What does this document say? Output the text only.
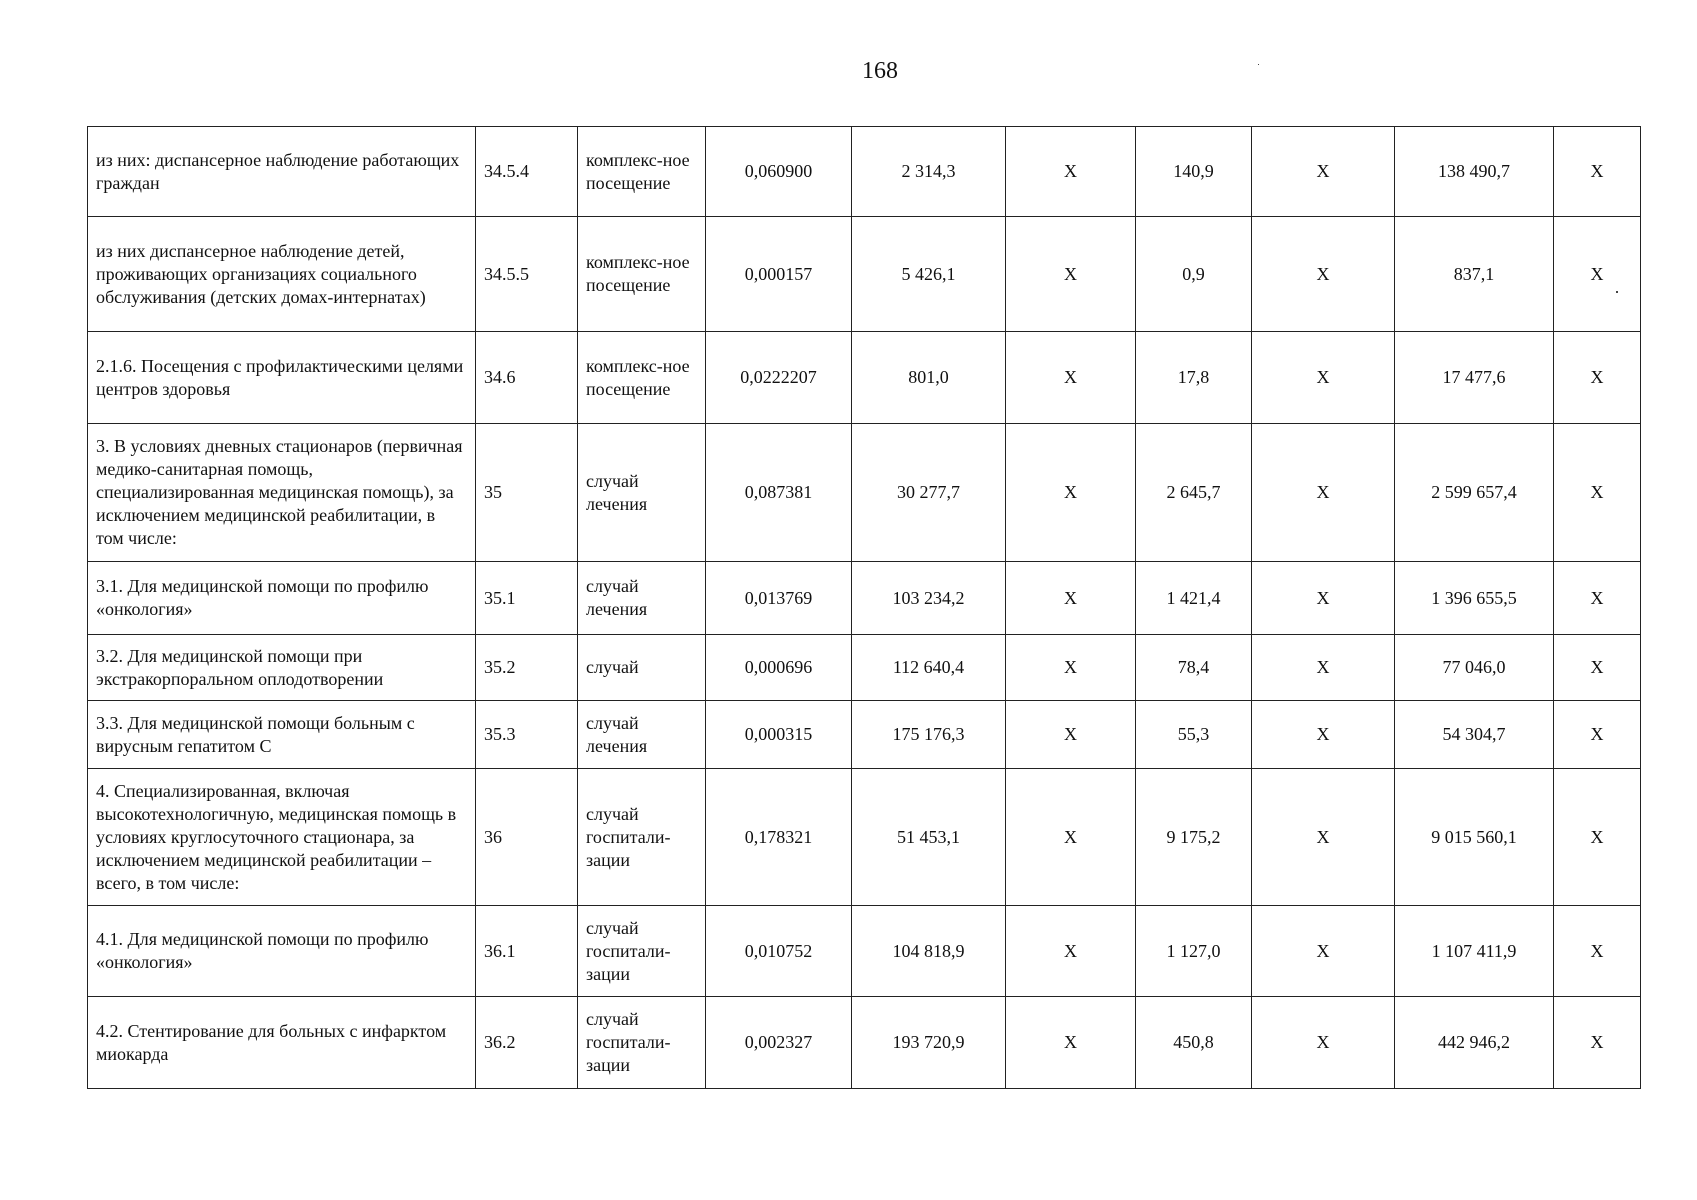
168
из них: диспансерное наблюдение работающих граждан	34.5.4	комплекс-ное посещение	0,060900	2 314,3	Х	140,9	Х	138 490,7	Х
из них диспансерное наблюдение детей, проживающих организациях социального обслуживания (детских домах-интернатах)	34.5.5	комплекс-ное посещение	0,000157	5 426,1	Х	0,9	Х	837,1	Х
2.1.6. Посещения с профилактическими целями центров здоровья	34.6	комплекс-ное посещение	0,0222207	801,0	Х	17,8	Х	17 477,6	Х
3. В условиях дневных стационаров (первичная медико-санитарная помощь, специализированная медицинская помощь), за исключением медицинской реабилитации, в том числе:	35	случай лечения	0,087381	30 277,7	Х	2 645,7	Х	2 599 657,4	Х
3.1. Для медицинской помощи по профилю «онкология»	35.1	случай лечения	0,013769	103 234,2	Х	1 421,4	Х	1 396 655,5	Х
3.2. Для медицинской помощи при экстракорпоральном оплодотворении	35.2	случай	0,000696	112 640,4	Х	78,4	Х	77 046,0	Х
3.3. Для медицинской помощи больным с вирусным гепатитом С	35.3	случай лечения	0,000315	175 176,3	Х	55,3	Х	54 304,7	Х
4. Специализированная, включая высокотехнологичную, медицинская помощь в условиях круглосуточного стационара, за исключением медицинской реабилитации – всего, в том числе:	36	случай госпитали-зации	0,178321	51 453,1	Х	9 175,2	Х	9 015 560,1	Х
4.1. Для медицинской помощи по профилю «онкология»	36.1	случай госпитали-зации	0,010752	104 818,9	Х	1 127,0	Х	1 107 411,9	Х
4.2. Стентирование для больных с инфарктом миокарда	36.2	случай госпитали-зации	0,002327	193 720,9	Х	450,8	Х	442 946,2	Х
